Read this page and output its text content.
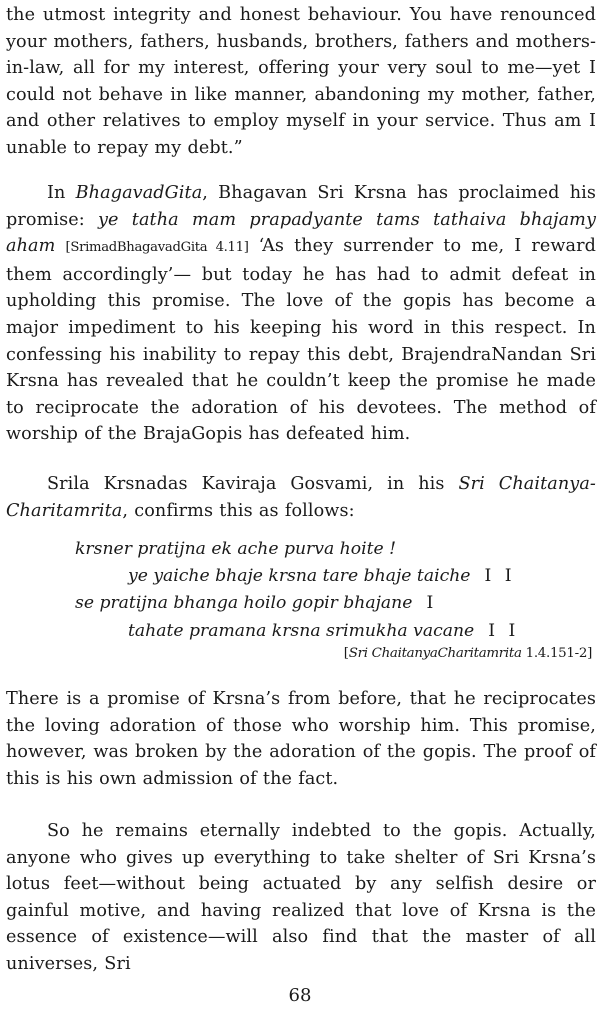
the utmost integrity and honest behaviour. You have renounced your mothers, fathers, husbands, brothers, fathers and mothers-in-law, all for my interest, offering your very soul to me—yet I could not behave in like manner, abandoning my mother, father, and other relatives to employ myself in your service. Thus am I unable to repay my debt.”

In BhagavadGita, Bhagavan Sri Krsna has proclaimed his promise: ye tatha mam prapadyante tams tathaiva bhajamy aham [SrimadBhagavadGita 4.11] ‘As they surrender to me, I reward them accordingly’— but today he has had to admit defeat in upholding this promise. The love of the gopis has become a major impediment to his keeping his word in this respect. In confessing his inability to repay this debt, BrajendraNandan Sri Krsna has revealed that he couldn’t keep the promise he made to reciprocate the adoration of his devotees. The method of worship of the BrajaGopis has defeated him.

Srila Krsnadas Kaviraja Gosvami, in his Sri Chaitanya-Charitamrita, confirms this as follows:

krsner pratijna ek ache purva hoite !
ye yaiche bhaje krsna tare bhaje taiche I I
se pratijna bhanga hoilo gopir bhajane I
tahate pramana krsna srimukha vacane I I
[Sri ChaitanyaCharitamrita 1.4.151-2]

There is a promise of Krsna’s from before, that he reciprocates the loving adoration of those who worship him. This promise, however, was broken by the adoration of the gopis. The proof of this is his own admission of the fact.

So he remains eternally indebted to the gopis. Actually, anyone who gives up everything to take shelter of Sri Krsna’s lotus feet—without being actuated by any selfish desire or gainful motive, and having realized that love of Krsna is the essence of existence—will also find that the master of all universes, Sri

68
